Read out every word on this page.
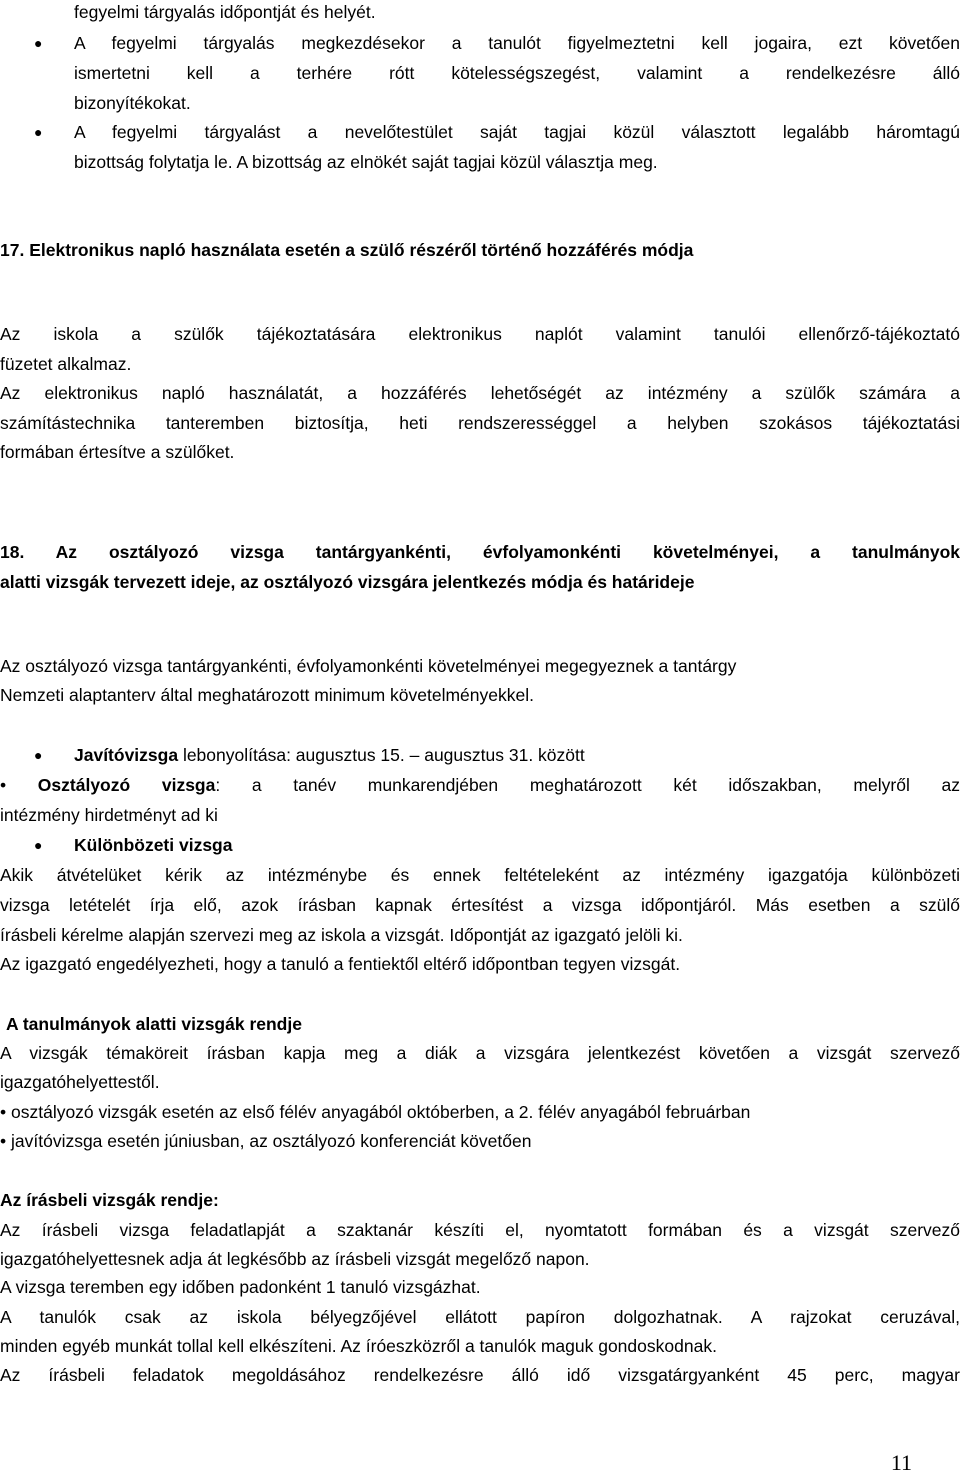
fegyelmi tárgyalás időpontját és helyét.

● A fegyelmi tárgyalás megkezdésekor a tanulót figyelmeztetni kell jogaira, ezt követően

ismertetni kell a terhére rótt kötelességszegést, valamint a rendelkezésre álló

bizonyítékokat.

● A fegyelmi tárgyalást a nevelőtestület saját tagjai közül választott legalább háromtagú

bizottság folytatja le. A bizottság az elnökét saját tagjai közül választja meg.

17. Elektronikus napló használata esetén a szülő részéről történő hozzáférés módja

Az iskola a szülők tájékoztatására elektronikus naplót valamint tanulói ellenőrző-tájékoztató

füzetet alkalmaz.

Az elektronikus napló használatát, a hozzáférés lehetőségét az intézmény a szülők számára a

számítástechnika tanteremben biztosítja, heti rendszerességgel a helyben szokásos tájékoztatási

formában értesítve a szülőket.

18. Az osztályozó vizsga tantárgyankénti, évfolyamonkénti követelményei, a tanulmányok

alatti vizsgák tervezett ideje, az osztályozó vizsgára jelentkezés módja és határideje

Az osztályozó vizsga tantárgyankénti, évfolyamonkénti követelményei megegyeznek a tantárgy

Nemzeti alaptanterv által meghatározott minimum követelményekkel.

● Javítóvizsga lebonyolítása: augusztus 15. – augusztus 31. között

• Osztályozó vizsga: a tanév munkarendjében meghatározott két időszakban, melyről az

intézmény hirdetményt ad ki

● Különbözeti vizsga

Akik átvételüket kérik az intézménybe és ennek feltételeként az intézmény igazgatója különbözeti

vizsga letételét írja elő, azok írásban kapnak értesítést a vizsga időpontjáról. Más esetben a szülő

írásbeli kérelme alapján szervezi meg az iskola a vizsgát. Időpontját az igazgató jelöli ki.

Az igazgató engedélyezheti, hogy a tanuló a fentiektől eltérő időpontban tegyen vizsgát.

A tanulmányok alatti vizsgák rendje

A vizsgák témaköreit írásban kapja meg a diák a vizsgára jelentkezést követően a vizsgát szervező

igazgatóhelyettestől.

• osztályozó vizsgák esetén az első félév anyagából októberben, a 2. félév anyagából februárban

• javítóvizsga esetén júniusban, az osztályozó konferenciát követően

Az írásbeli vizsgák rendje:

Az írásbeli vizsga feladatlapját a szaktanár készíti el, nyomtatott formában és a vizsgát szervező

igazgatóhelyettesnek adja át legkésőbb az írásbeli vizsgát megelőző napon.

A vizsga teremben egy időben padonként 1 tanuló vizsgázhat.

A tanulók csak az iskola bélyegzőjével ellátott papíron dolgozhatnak. A rajzokat ceruzával,

minden egyéb munkát tollal kell elkészíteni. Az íróeszközről a tanulók maguk gondoskodnak.

Az írásbeli feladatok megoldásához rendelkezésre álló idő vizsgatárgyanként 45 perc, magyar

11
